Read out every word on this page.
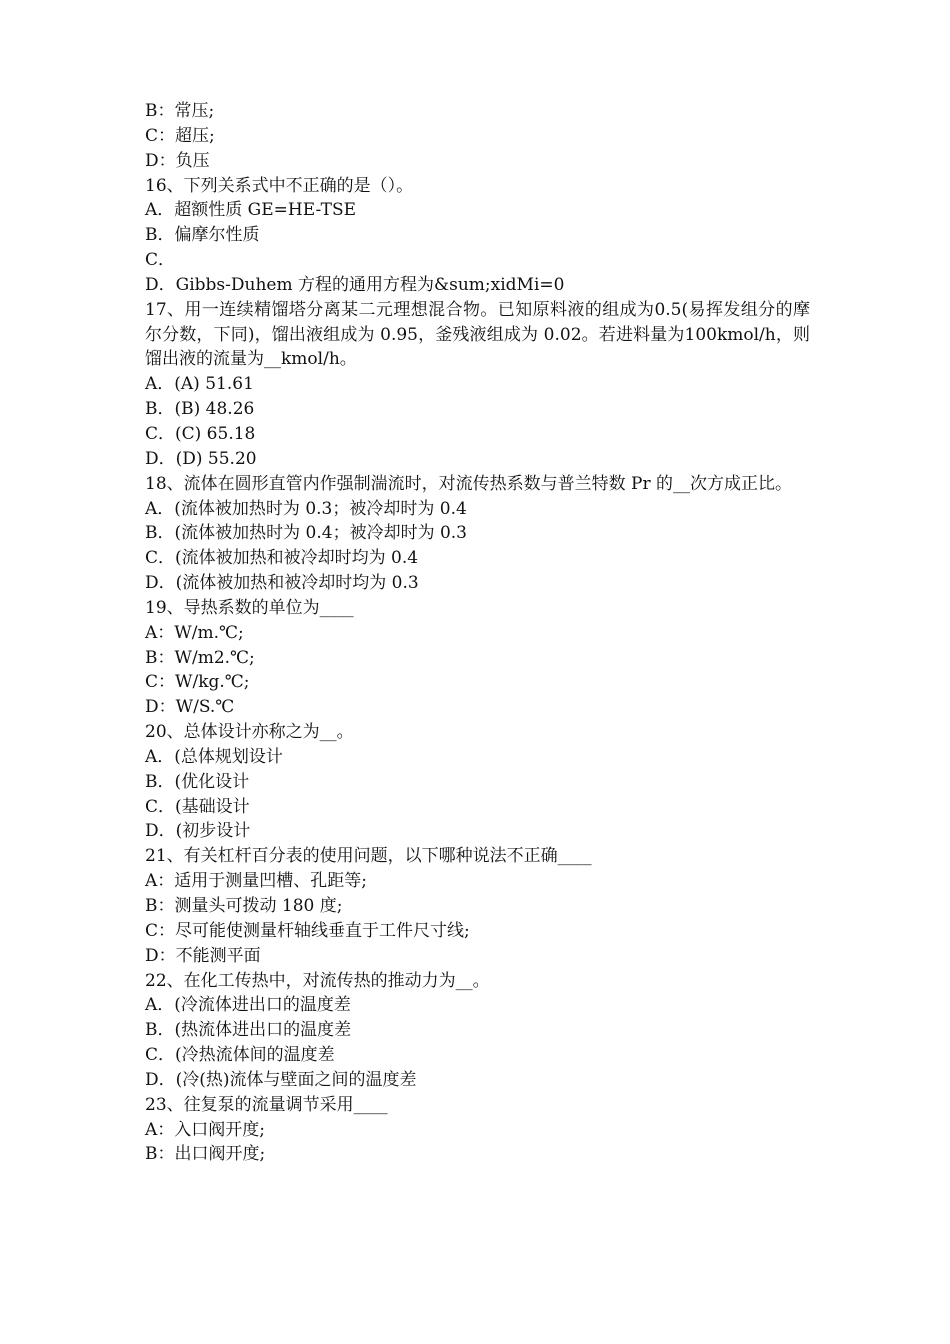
B：常压;
C：超压;
D：负压
16、下列关系式中不正确的是（）。
A．超额性质 GE=HE-TSE
B．偏摩尔性质
C．
D．Gibbs-Duhem 方程的通用方程为&sum;xidMi=0
17、用一连续精馏塔分离某二元理想混合物。已知原料液的组成为0.5(易挥发组分的摩尔分数，下同)，馏出液组成为 0.95，釜残液组成为 0.02。若进料量为100kmol/h，则馏出液的流量为__kmol/h。
A．(A) 51.61
B．(B) 48.26
C．(C) 65.18
D．(D) 55.20
18、流体在圆形直管内作强制湍流时，对流传热系数与普兰特数 Pr 的__次方成正比。
A．(流体被加热时为 0.3；被冷却时为 0.4
B．(流体被加热时为 0.4；被冷却时为 0.3
C．(流体被加热和被冷却时均为 0.4
D．(流体被加热和被冷却时均为 0.3
19、导热系数的单位为____
A：W/m.℃;
B：W/m2.℃;
C：W/kg.℃;
D：W/S.℃
20、总体设计亦称之为__。
A．(总体规划设计
B．(优化设计
C．(基础设计
D．(初步设计
21、有关杠杆百分表的使用问题，以下哪种说法不正确____
A：适用于测量凹槽、孔距等;
B：测量头可拨动 180 度;
C：尽可能使测量杆轴线垂直于工件尺寸线;
D：不能测平面
22、在化工传热中，对流传热的推动力为__。
A．(冷流体进出口的温度差
B．(热流体进出口的温度差
C．(冷热流体间的温度差
D．(冷(热)流体与壁面之间的温度差
23、往复泵的流量调节采用____
A：入口阀开度;
B：出口阀开度;
